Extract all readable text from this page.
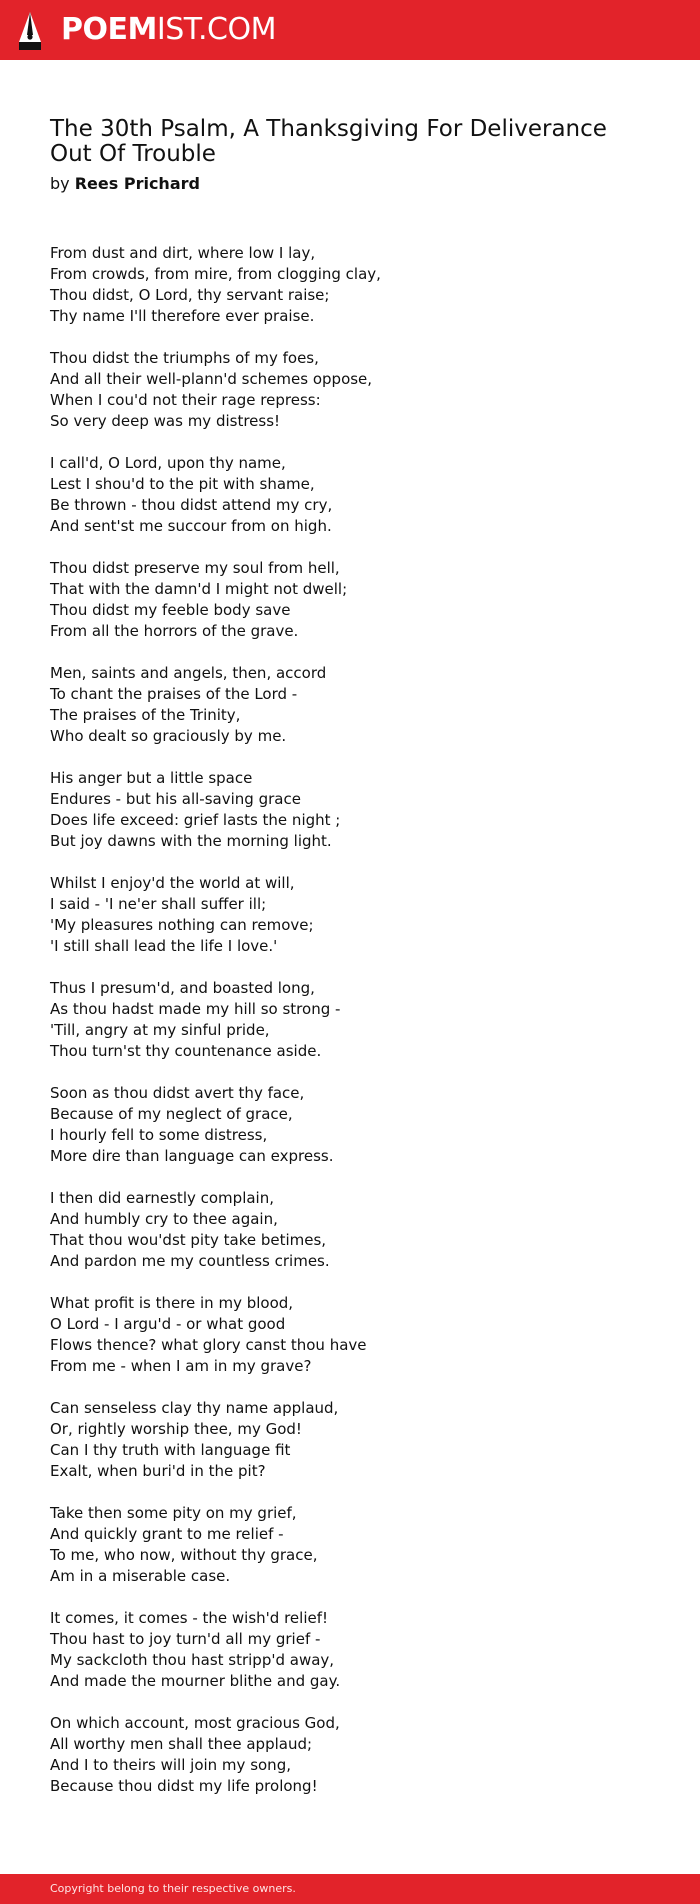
POEMIST.COM
The 30th Psalm, A Thanksgiving For Deliverance Out Of Trouble
by Rees Prichard
From dust and dirt, where low I lay,
From crowds, from mire, from clogging clay,
Thou didst, O Lord, thy servant raise;
Thy name I'll therefore ever praise.
Thou didst the triumphs of my foes,
And all their well-plann'd schemes oppose,
When I cou'd not their rage repress:
So very deep was my distress!
I call'd, O Lord, upon thy name,
Lest I shou'd to the pit with shame,
Be thrown - thou didst attend my cry,
And sent'st me succour from on high.
Thou didst preserve my soul from hell,
That with the damn'd I might not dwell;
Thou didst my feeble body save
From all the horrors of the grave.
Men, saints and angels, then, accord
To chant the praises of the Lord -
The praises of the Trinity,
Who dealt so graciously by me.
His anger but a little space
Endures - but his all-saving grace
Does life exceed: grief lasts the night ;
But joy dawns with the morning light.
Whilst I enjoy'd the world at will,
I said - 'I ne'er shall suffer ill;
'My pleasures nothing can remove;
'I still shall lead the life I love.'
Thus I presum'd, and boasted long,
As thou hadst made my hill so strong -
'Till, angry at my sinful pride,
Thou turn'st thy countenance aside.
Soon as thou didst avert thy face,
Because of my neglect of grace,
I hourly fell to some distress,
More dire than language can express.
I then did earnestly complain,
And humbly cry to thee again,
That thou wou'dst pity take betimes,
And pardon me my countless crimes.
What profit is there in my blood,
O Lord - I argu'd - or what good
Flows thence? what glory canst thou have
From me - when I am in my grave?
Can senseless clay thy name applaud,
Or, rightly worship thee, my God!
Can I thy truth with language fit
Exalt, when buri'd in the pit?
Take then some pity on my grief,
And quickly grant to me relief -
To me, who now, without thy grace,
Am in a miserable case.
It comes, it comes - the wish'd relief!
Thou hast to joy turn'd all my grief -
My sackcloth thou hast stripp'd away,
And made the mourner blithe and gay.
On which account, most gracious God,
All worthy men shall thee applaud;
And I to theirs will join my song,
Because thou didst my life prolong!
Copyright belong to their respective owners.
